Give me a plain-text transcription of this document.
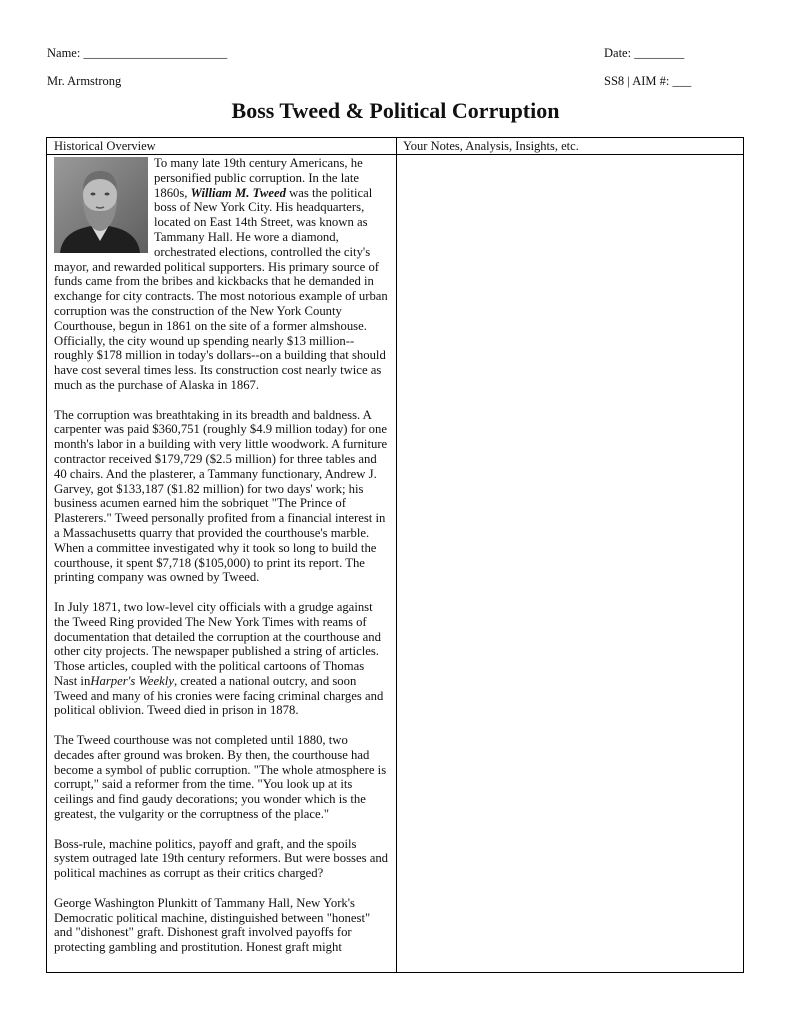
Name: _______________________	Date: ________
Mr. Armstrong	SS8 | AIM #: ___
Boss Tweed & Political Corruption
Historical Overview	Your Notes, Analysis, Insights, etc.

To many late 19th century Americans, he personified public corruption. In the late 1860s, William M. Tweed was the political boss of New York City. His headquarters, located on East 14th Street, was known as Tammany Hall. He wore a diamond, orchestrated elections, controlled the city's mayor, and rewarded political supporters. His primary source of funds came from the bribes and kickbacks that he demanded in exchange for city contracts. The most notorious example of urban corruption was the construction of the New York County Courthouse, begun in 1861 on the site of a former almshouse. Officially, the city wound up spending nearly $13 million--roughly $178 million in today's dollars--on a building that should have cost several times less. Its construction cost nearly twice as much as the purchase of Alaska in 1867.

The corruption was breathtaking in its breadth and baldness. A carpenter was paid $360,751 (roughly $4.9 million today) for one month's labor in a building with very little woodwork. A furniture contractor received $179,729 ($2.5 million) for three tables and 40 chairs. And the plasterer, a Tammany functionary, Andrew J. Garvey, got $133,187 ($1.82 million) for two days' work; his business acumen earned him the sobriquet "The Prince of Plasterers." Tweed personally profited from a financial interest in a Massachusetts quarry that provided the courthouse's marble. When a committee investigated why it took so long to build the courthouse, it spent $7,718 ($105,000) to print its report. The printing company was owned by Tweed.

In July 1871, two low-level city officials with a grudge against the Tweed Ring provided The New York Times with reams of documentation that detailed the corruption at the courthouse and other city projects. The newspaper published a string of articles. Those articles, coupled with the political cartoons of Thomas Nast inHarper's Weekly, created a national outcry, and soon Tweed and many of his cronies were facing criminal charges and political oblivion. Tweed died in prison in 1878.

The Tweed courthouse was not completed until 1880, two decades after ground was broken. By then, the courthouse had become a symbol of public corruption. "The whole atmosphere is corrupt," said a reformer from the time. "You look up at its ceilings and find gaudy decorations; you wonder which is the greatest, the vulgarity or the corruptness of the place."

Boss-rule, machine politics, payoff and graft, and the spoils system outraged late 19th century reformers. But were bosses and political machines as corrupt as their critics charged?

George Washington Plunkitt of Tammany Hall, New York's Democratic political machine, distinguished between "honest" and "dishonest" graft. Dishonest graft involved payoffs for protecting gambling and prostitution. Honest graft might
